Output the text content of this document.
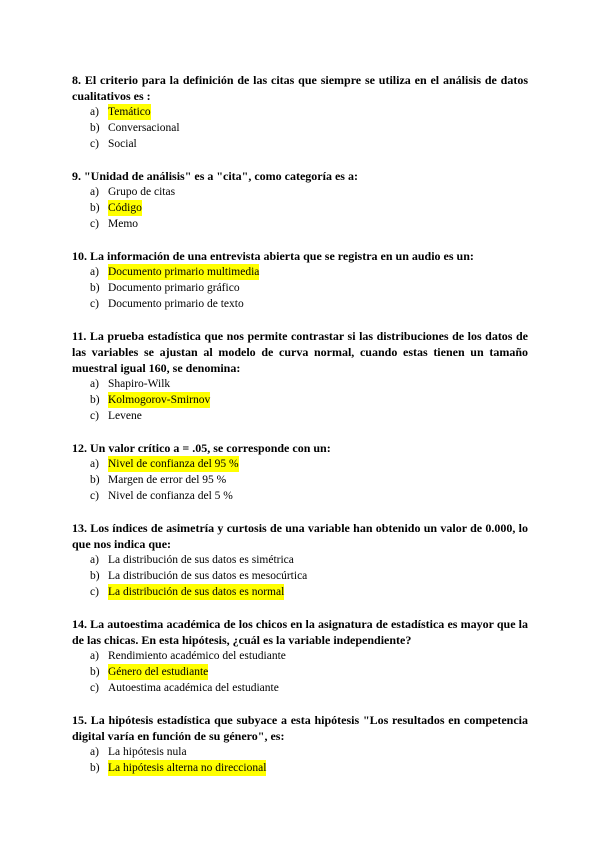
8. El criterio para la definición de las citas que siempre se utiliza en el análisis de datos cualitativos es :

a) Temático
b) Conversacional
c) Social

9. "Unidad de análisis" es a "cita", como categoría es a:

a) Grupo de citas
b) Código
c) Memo

10. La información de una entrevista abierta que se registra en un audio es un:

a) Documento primario multimedia
b) Documento primario gráfico
c) Documento primario de texto

11. La prueba estadística que nos permite contrastar si las distribuciones de los datos de las variables se ajustan al modelo de curva normal, cuando estas tienen un tamaño muestral igual 160, se denomina:

a) Shapiro-Wilk
b) Kolmogorov-Smirnov
c) Levene

12. Un valor crítico a = .05, se corresponde con un:

a) Nivel de confianza del 95 %
b) Margen de error del 95 %
c) Nivel de confianza del 5 %

13. Los índices de asimetría y curtosis de una variable han obtenido un valor de 0.000, lo que nos indica que:

a) La distribución de sus datos es simétrica
b) La distribución de sus datos es mesocúrtica
c) La distribución de sus datos es normal

14. La autoestima académica de los chicos en la asignatura de estadística es mayor que la de las chicas. En esta hipótesis, ¿cuál es la variable independiente?

a) Rendimiento académico del estudiante
b) Género del estudiante
c) Autoestima académica del estudiante

15. La hipótesis estadística que subyace a esta hipótesis "Los resultados en competencia digital varía en función de su género", es:

a) La hipótesis nula
b) La hipótesis alterna no direccional
